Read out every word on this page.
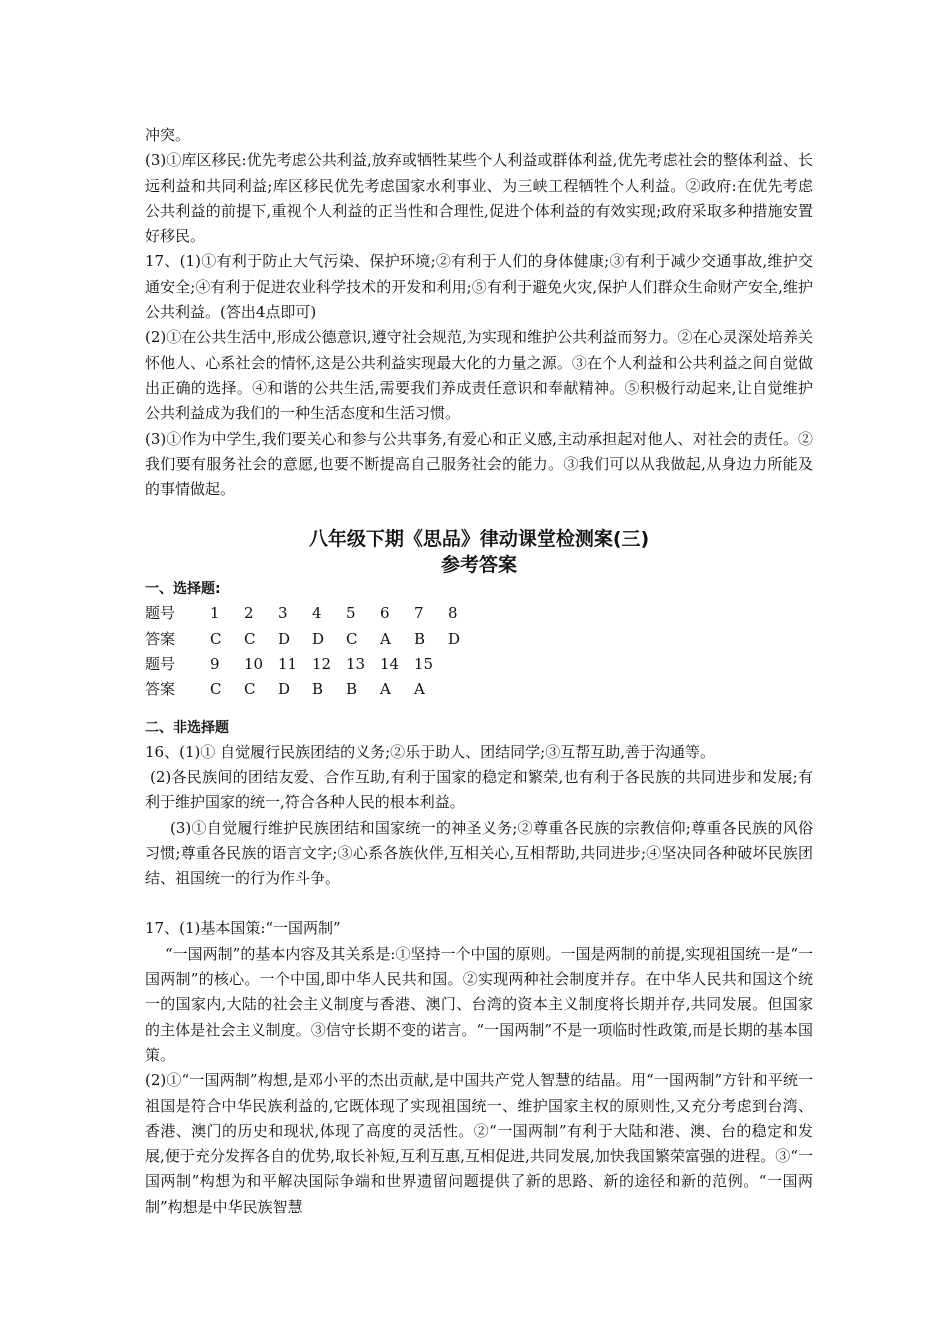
冲突。

(3)①库区移民:优先考虑公共利益,放弃或牺牲某些个人利益或群体利益,优先考虑社会的整体利益、长远利益和共同利益;库区移民优先考虑国家水利事业、为三峡工程牺牲个人利益。②政府:在优先考虑公共利益的前提下,重视个人利益的正当性和合理性,促进个体利益的有效实现;政府采取多种措施安置好移民。

17、(1)①有利于防止大气污染、保护环境;②有利于人们的身体健康;③有利于减少交通事故,维护交通安全;④有利于促进农业科学技术的开发和利用;⑤有利于避免火灾,保护人们群众生命财产安全,维护公共利益。(答出4点即可)

(2)①在公共生活中,形成公德意识,遵守社会规范,为实现和维护公共利益而努力。②在心灵深处培养关怀他人、心系社会的情怀,这是公共利益实现最大化的力量之源。③在个人利益和公共利益之间自觉做出正确的选择。④和谐的公共生活,需要我们养成责任意识和奉献精神。⑤积极行动起来,让自觉维护公共利益成为我们的一种生活态度和生活习惯。

(3)①作为中学生,我们要关心和参与公共事务,有爱心和正义感,主动承担起对他人、对社会的责任。②我们要有服务社会的意愿,也要不断提高自己服务社会的能力。③我们可以从我做起,从身边力所能及的事情做起。

八年级下期《思品》律动课堂检测案(三)
参考答案
一、选择题:
题号	1	2	3	4	5	6	7	8
答案	C	C	D	D	C	A	B	D
题号	9	10	11	12	13	14	15	
答案	C	C	D	B	B	A	A	
二、非选择题

16、(1)① 自觉履行民族团结的义务;②乐于助人、团结同学;③互帮互助,善于沟通等。

(2)各民族间的团结友爱、合作互助,有利于国家的稳定和繁荣,也有利于各民族的共同进步和发展;有利于维护国家的统一,符合各种人民的根本利益。

(3)①自觉履行维护民族团结和国家统一的神圣义务;②尊重各民族的宗教信仰;尊重各民族的风俗习惯;尊重各民族的语言文字;③心系各族伙伴,互相关心,互相帮助,共同进步;④坚决同各种破坏民族团结、祖国统一的行为作斗争。

17、(1)基本国策:“一国两制”

“一国两制”的基本内容及其关系是:①坚持一个中国的原则。一国是两制的前提,实现祖国统一是“一国两制”的核心。一个中国,即中华人民共和国。②实现两种社会制度并存。在中华人民共和国这个统一的国家内,大陆的社会主义制度与香港、澳门、台湾的资本主义制度将长期并存,共同发展。但国家的主体是社会主义制度。③信守长期不变的诺言。“一国两制”不是一项临时性政策,而是长期的基本国策。

(2)①“一国两制”构想,是邓小平的杰出贡献,是中国共产党人智慧的结晶。用“一国两制”方针和平统一祖国是符合中华民族利益的,它既体现了实现祖国统一、维护国家主权的原则性,又充分考虑到台湾、香港、澳门的历史和现状,体现了高度的灵活性。②“一国两制”有利于大陆和港、澳、台的稳定和发展,便于充分发挥各自的优势,取长补短,互利互惠,互相促进,共同发展,加快我国繁荣富强的进程。③“一国两制”构想为和平解决国际争端和世界遗留问题提供了新的思路、新的途径和新的范例。“一国两制”构想是中华民族智慧
